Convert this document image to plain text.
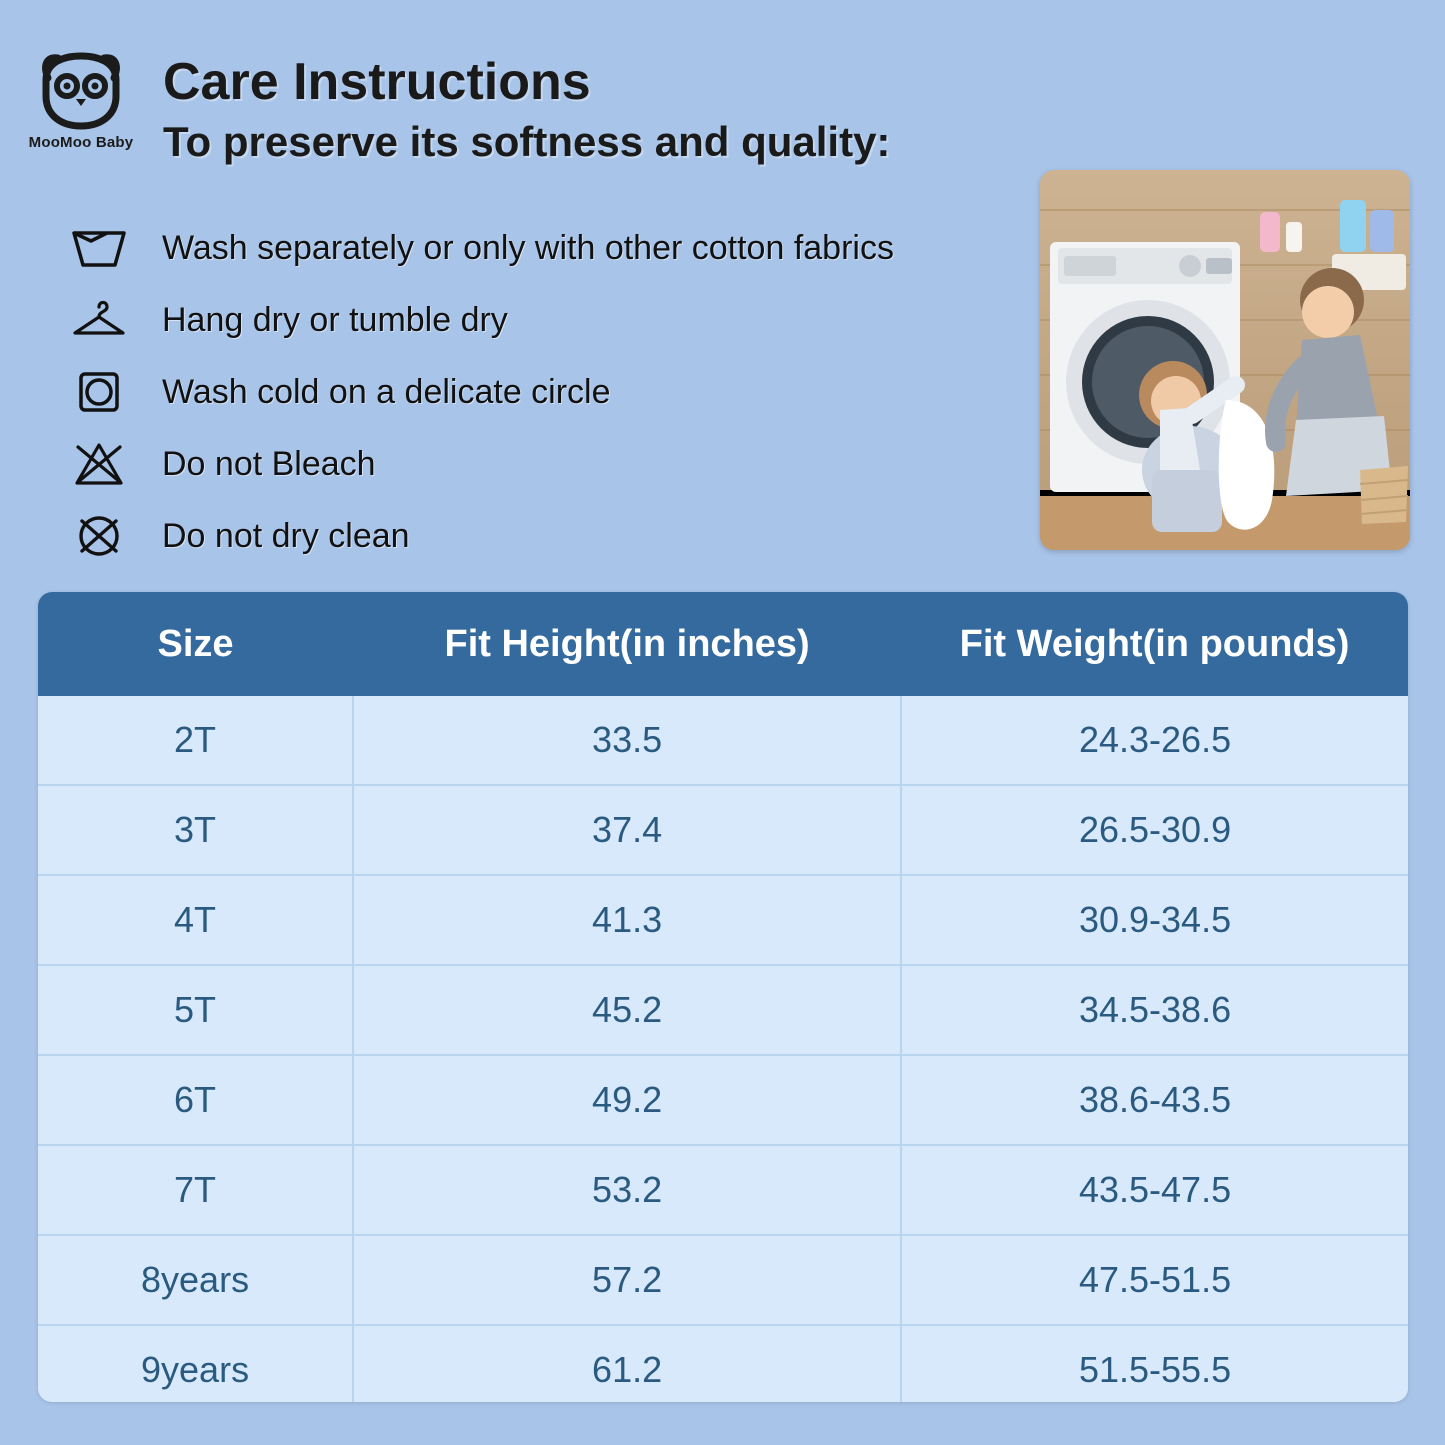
MooMoo Baby
Care Instructions
To preserve its softness and quality:
Wash separately or only with other cotton fabrics
Hang dry or tumble dry
Wash cold on a delicate circle
Do not Bleach
Do not dry clean
Size	Fit Height(in inches)	Fit Weight(in pounds)
2T	33.5	24.3-26.5
3T	37.4	26.5-30.9
4T	41.3	30.9-34.5
5T	45.2	34.5-38.6
6T	49.2	38.6-43.5
7T	53.2	43.5-47.5
8years	57.2	47.5-51.5
9years	61.2	51.5-55.5
